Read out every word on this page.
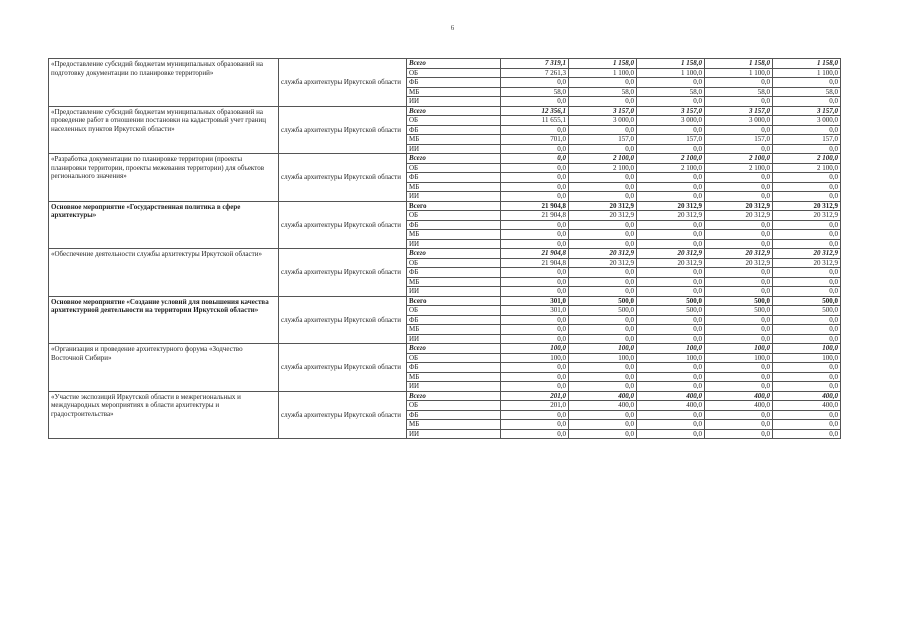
6
«Предоставление субсидий бюджетам муниципальных образований на подготовку документации по планировке территорий»	служба архитектуры Иркутской области	Всего	7 319,1	1 158,0	1 158,0	1 158,0	1 158,0
		ОБ	7 261,3	1 100,0	1 100,0	1 100,0	1 100,0
		ФБ	0,0	0,0	0,0	0,0	0,0
		МБ	58,0	58,0	58,0	58,0	58,0
		ИИ	0,0	0,0	0,0	0,0	0,0
«Предоставление субсидий бюджетам муниципальных образований на проведение работ в отношении постановки на кадастровый учет границ населенных пунктов Иркутской области»	служба архитектуры Иркутской области	Всего	12 356,1	3 157,0	3 157,0	3 157,0	3 157,0
		ОБ	11 655,1	3 000,0	3 000,0	3 000,0	3 000,0
		ФБ	0,0	0,0	0,0	0,0	0,0
		МБ	701,0	157,0	157,0	157,0	157,0
		ИИ	0,0	0,0	0,0	0,0	0,0
«Разработка документации по планировке территории (проекты планировки территории, проекты межевания территории) для объектов регионального значения»	служба архитектуры Иркутской области	Всего	0,0	2 100,0	2 100,0	2 100,0	2 100,0
		ОБ	0,0	2 100,0	2 100,0	2 100,0	2 100,0
		ФБ	0,0	0,0	0,0	0,0	0,0
		МБ	0,0	0,0	0,0	0,0	0,0
		ИИ	0,0	0,0	0,0	0,0	0,0
Основное мероприятие «Государственная политика в сфере архитектуры»	служба архитектуры Иркутской области	Всего	21 904,8	20 312,9	20 312,9	20 312,9	20 312,9
		ОБ	21 904,8	20 312,9	20 312,9	20 312,9	20 312,9
		ФБ	0,0	0,0	0,0	0,0	0,0
		МБ	0,0	0,0	0,0	0,0	0,0
		ИИ	0,0	0,0	0,0	0,0	0,0
«Обеспечение деятельности службы архитектуры Иркутской области»	служба архитектуры Иркутской области	Всего	21 904,8	20 312,9	20 312,9	20 312,9	20 312,9
		ОБ	21 904,8	20 312,9	20 312,9	20 312,9	20 312,9
		ФБ	0,0	0,0	0,0	0,0	0,0
		МБ	0,0	0,0	0,0	0,0	0,0
		ИИ	0,0	0,0	0,0	0,0	0,0
Основное мероприятие «Создание условий для повышения качества архитектурной деятельности на территории Иркутской области»	служба архитектуры Иркутской области	Всего	301,0	500,0	500,0	500,0	500,0
		ОБ	301,0	500,0	500,0	500,0	500,0
		ФБ	0,0	0,0	0,0	0,0	0,0
		МБ	0,0	0,0	0,0	0,0	0,0
		ИИ	0,0	0,0	0,0	0,0	0,0
«Организация и проведение архитектурного форума «Зодчество Восточной Сибири»	служба архитектуры Иркутской области	Всего	100,0	100,0	100,0	100,0	100,0
		ОБ	100,0	100,0	100,0	100,0	100,0
		ФБ	0,0	0,0	0,0	0,0	0,0
		МБ	0,0	0,0	0,0	0,0	0,0
		ИИ	0,0	0,0	0,0	0,0	0,0
«Участие экспозиций Иркутской области в межрегиональных и международных мероприятиях в области архитектуры и градостроительства»	служба архитектуры Иркутской области	Всего	201,0	400,0	400,0	400,0	400,0
		ОБ	201,0	400,0	400,0	400,0	400,0
		ФБ	0,0	0,0	0,0	0,0	0,0
		МБ	0,0	0,0	0,0	0,0	0,0
		ИИ	0,0	0,0	0,0	0,0	0,0
